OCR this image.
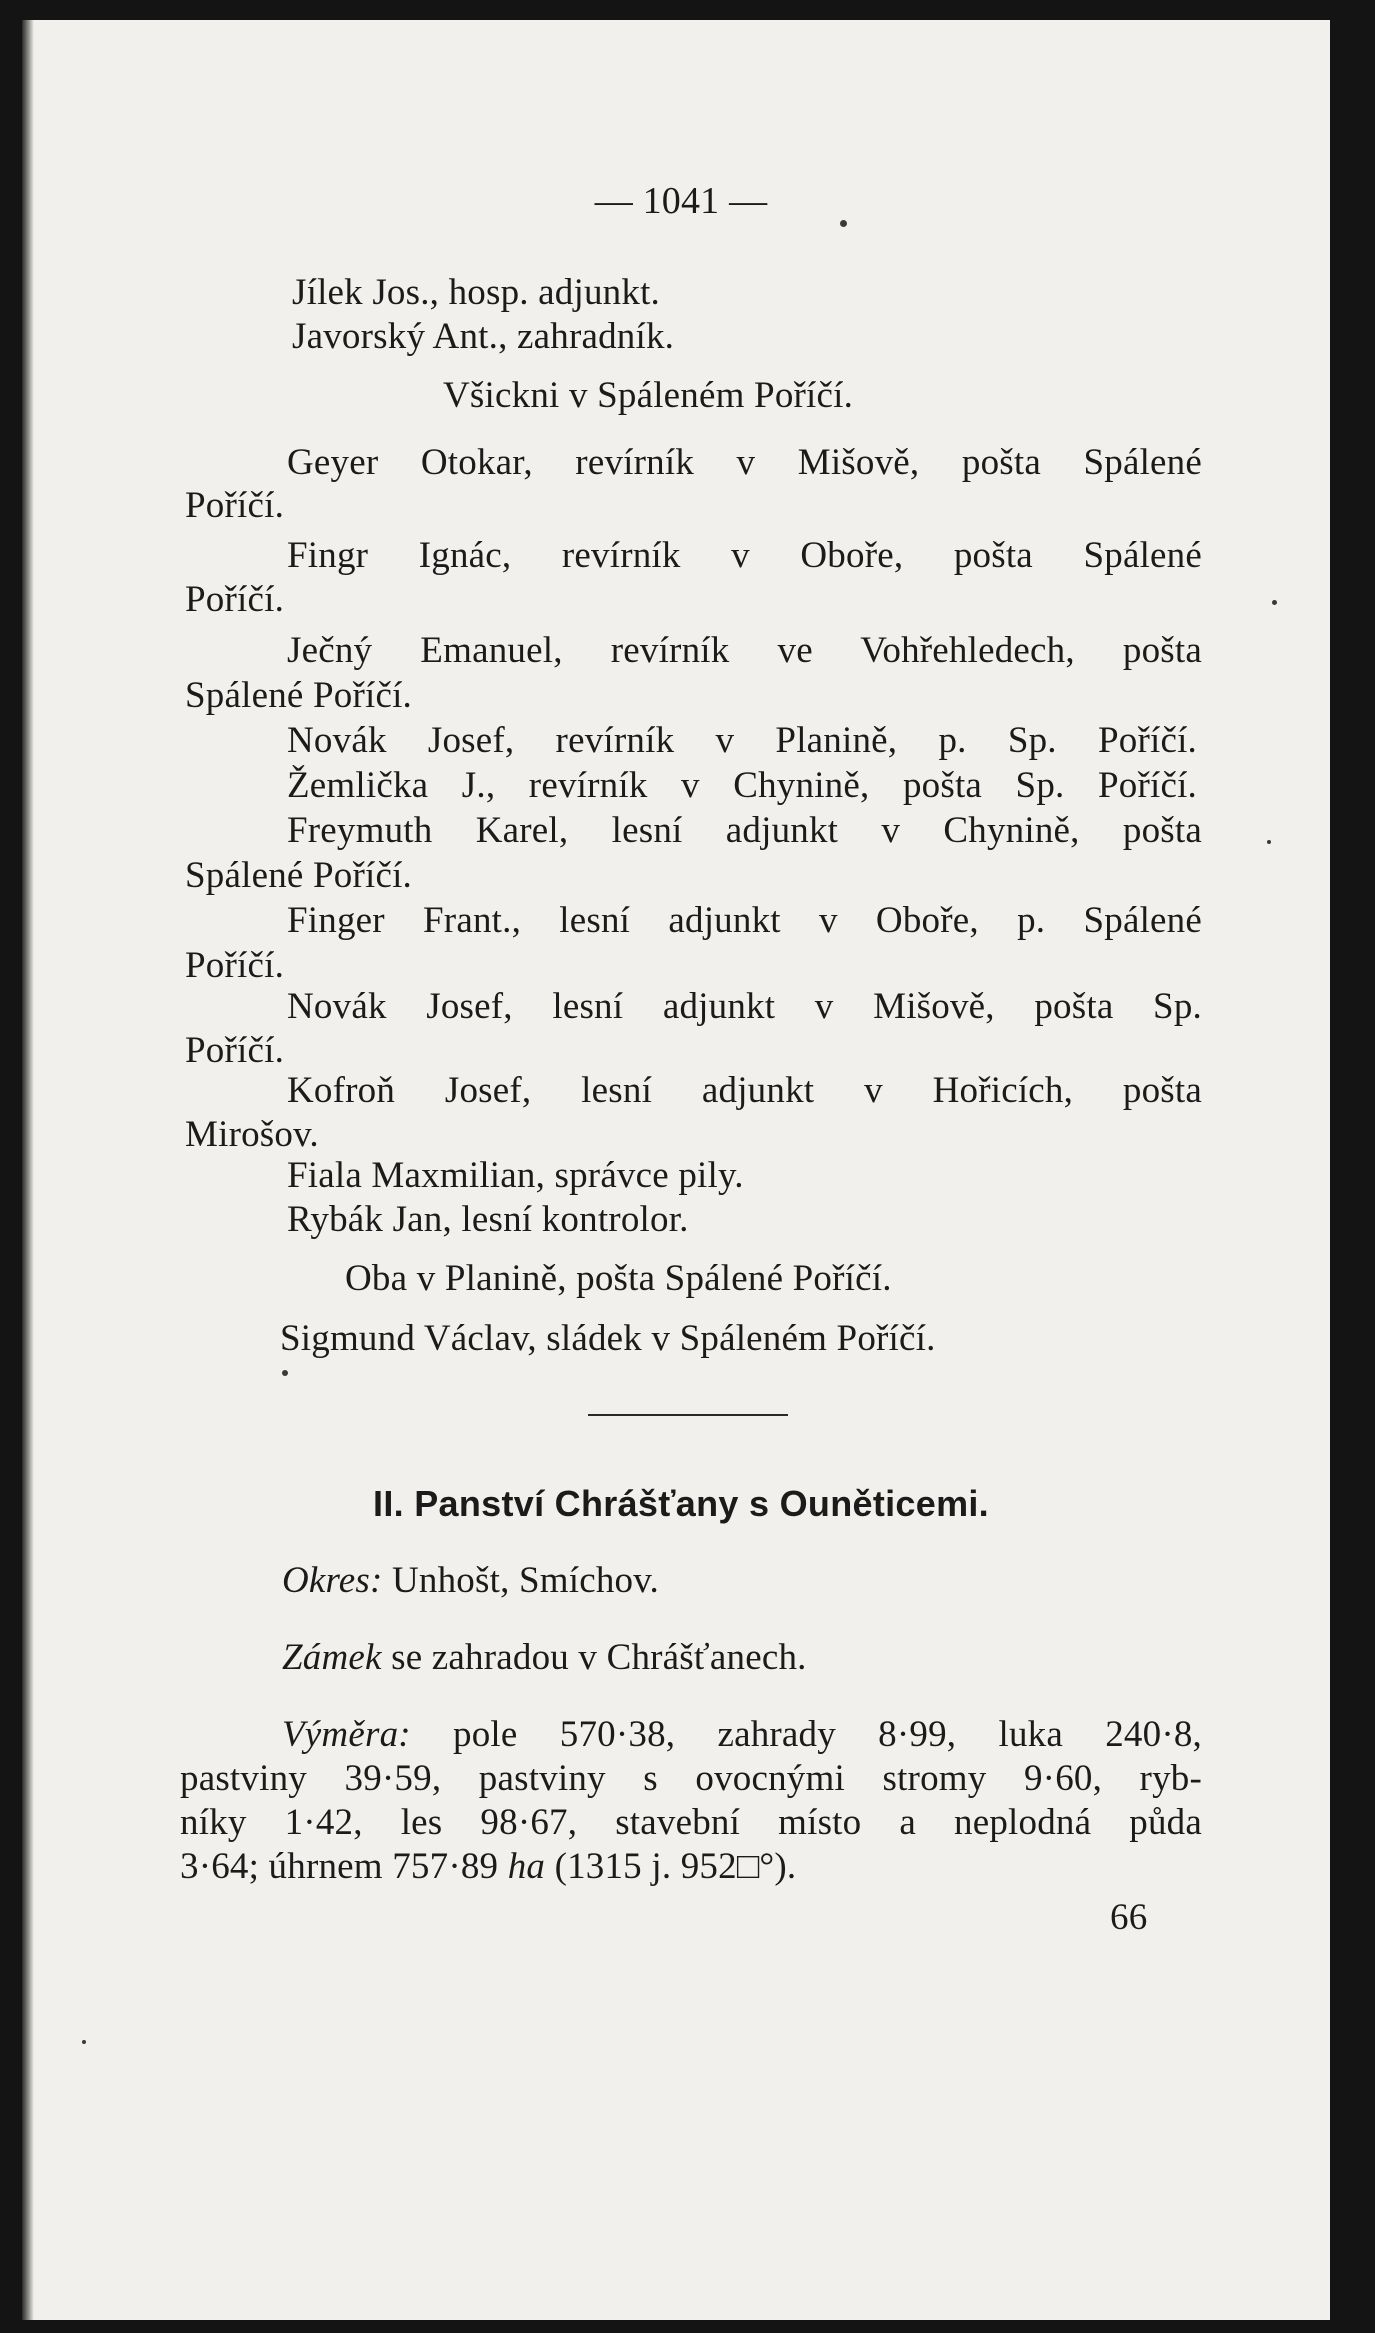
— 1041 —
Jílek Jos., hosp. adjunkt.
Javorský Ant., zahradník.
Všickni v Spáleném Poříčí.
Geyer Otokar, revírník v Mišově, pošta Spálené
Poříčí.
Fingr Ignác, revírník v Oboře, pošta Spálené
Poříčí.
Ječný Emanuel, revírník ve Vohřehledech, pošta
Spálené Poříčí.
Novák Josef, revírník v Planině, p. Sp. Poříčí.
Žemlička J., revírník v Chynině, pošta Sp. Poříčí.
Freymuth Karel, lesní adjunkt v Chynině, pošta
Spálené Poříčí.
Finger Frant., lesní adjunkt v Oboře, p. Spálené
Poříčí.
Novák Josef, lesní adjunkt v Mišově, pošta Sp.
Poříčí.
Kofroň Josef, lesní adjunkt v Hořicích, pošta
Mirošov.
Fiala Maxmilian, správce pily.
Rybák Jan, lesní kontrolor.
Oba v Planině, pošta Spálené Poříčí.
Sigmund Václav, sládek v Spáleném Poříčí.
II. Panství Chrášťany s Ouněticemi.
Okres: Unhošt, Smíchov.
Zámek se zahradou v Chrášťanech.
Výměra: pole 570·38, zahrady 8·99, luka 240·8,
pastviny 39·59, pastviny s ovocnými stromy 9·60, ryb-
níky 1·42, les 98·67, stavební místo a neplodná půda
3·64; úhrnem 757·89 ha (1315 j. 952□°).
66
